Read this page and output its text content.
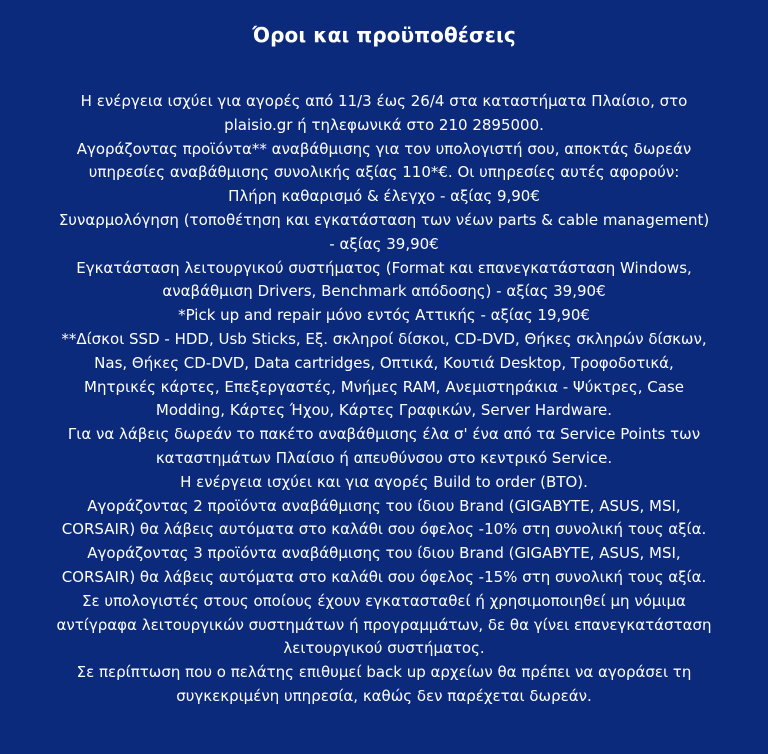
Όροι και προϋποθέσεις
Η ενέργεια ισχύει για αγορές από 11/3 έως 26/4 στα καταστήματα Πλαίσιο, στο
plaisio.gr ή τηλεφωνικά στο 210 2895000.
Αγοράζοντας προϊόντα** αναβάθμισης για τον υπολογιστή σου, αποκτάς δωρεάν
υπηρεσίες αναβάθμισης συνολικής αξίας 110*€. Οι υπηρεσίες αυτές αφορούν:
Πλήρη καθαρισμό & έλεγχο - αξίας 9,90€
Συναρμολόγηση (τοποθέτηση και εγκατάσταση των νέων parts & cable management)
- αξίας 39,90€
Εγκατάσταση λειτουργικού συστήματος (Format και επανεγκατάσταση Windows,
αναβάθμιση Drivers, Benchmark απόδοσης) - αξίας 39,90€
*Pick up and repair μόνο εντός Αττικής - αξίας 19,90€
**Δίσκοι SSD - HDD, Usb Sticks, Εξ. σκληροί δίσκοι, CD-DVD, Θήκες σκληρών δίσκων,
Nas, Θήκες CD-DVD, Data cartridges, Οπτικά, Κουτιά Desktop, Τροφοδοτικά,
Μητρικές κάρτες, Επεξεργαστές, Μνήμες RAM, Ανεμιστηράκια - Ψύκτρες, Case
Modding, Κάρτες Ήχου, Κάρτες Γραφικών, Server Hardware.
Για να λάβεις δωρεάν το πακέτο αναβάθμισης έλα σ' ένα από τα Service Points των
καταστημάτων Πλαίσιο ή απευθύνσου στο κεντρικό Service.
Η ενέργεια ισχύει και για αγορές Build to order (BTO).
Αγοράζοντας 2 προϊόντα αναβάθμισης του ίδιου Brand (GIGABYTE, ASUS, MSI,
CORSAIR) θα λάβεις αυτόματα στο καλάθι σου όφελος -10% στη συνολική τους αξία.
Αγοράζοντας 3 προϊόντα αναβάθμισης του ίδιου Brand (GIGABYTE, ASUS, MSI,
CORSAIR) θα λάβεις αυτόματα στο καλάθι σου όφελος -15% στη συνολική τους αξία.
Σε υπολογιστές στους οποίους έχουν εγκατασταθεί ή χρησιμοποιηθεί μη νόμιμα
αντίγραφα λειτουργικών συστημάτων ή προγραμμάτων, δε θα γίνει επανεγκατάσταση
λειτουργικού συστήματος.
Σε περίπτωση που ο πελάτης επιθυμεί back up αρχείων θα πρέπει να αγοράσει τη
συγκεκριμένη υπηρεσία, καθώς δεν παρέχεται δωρεάν.
